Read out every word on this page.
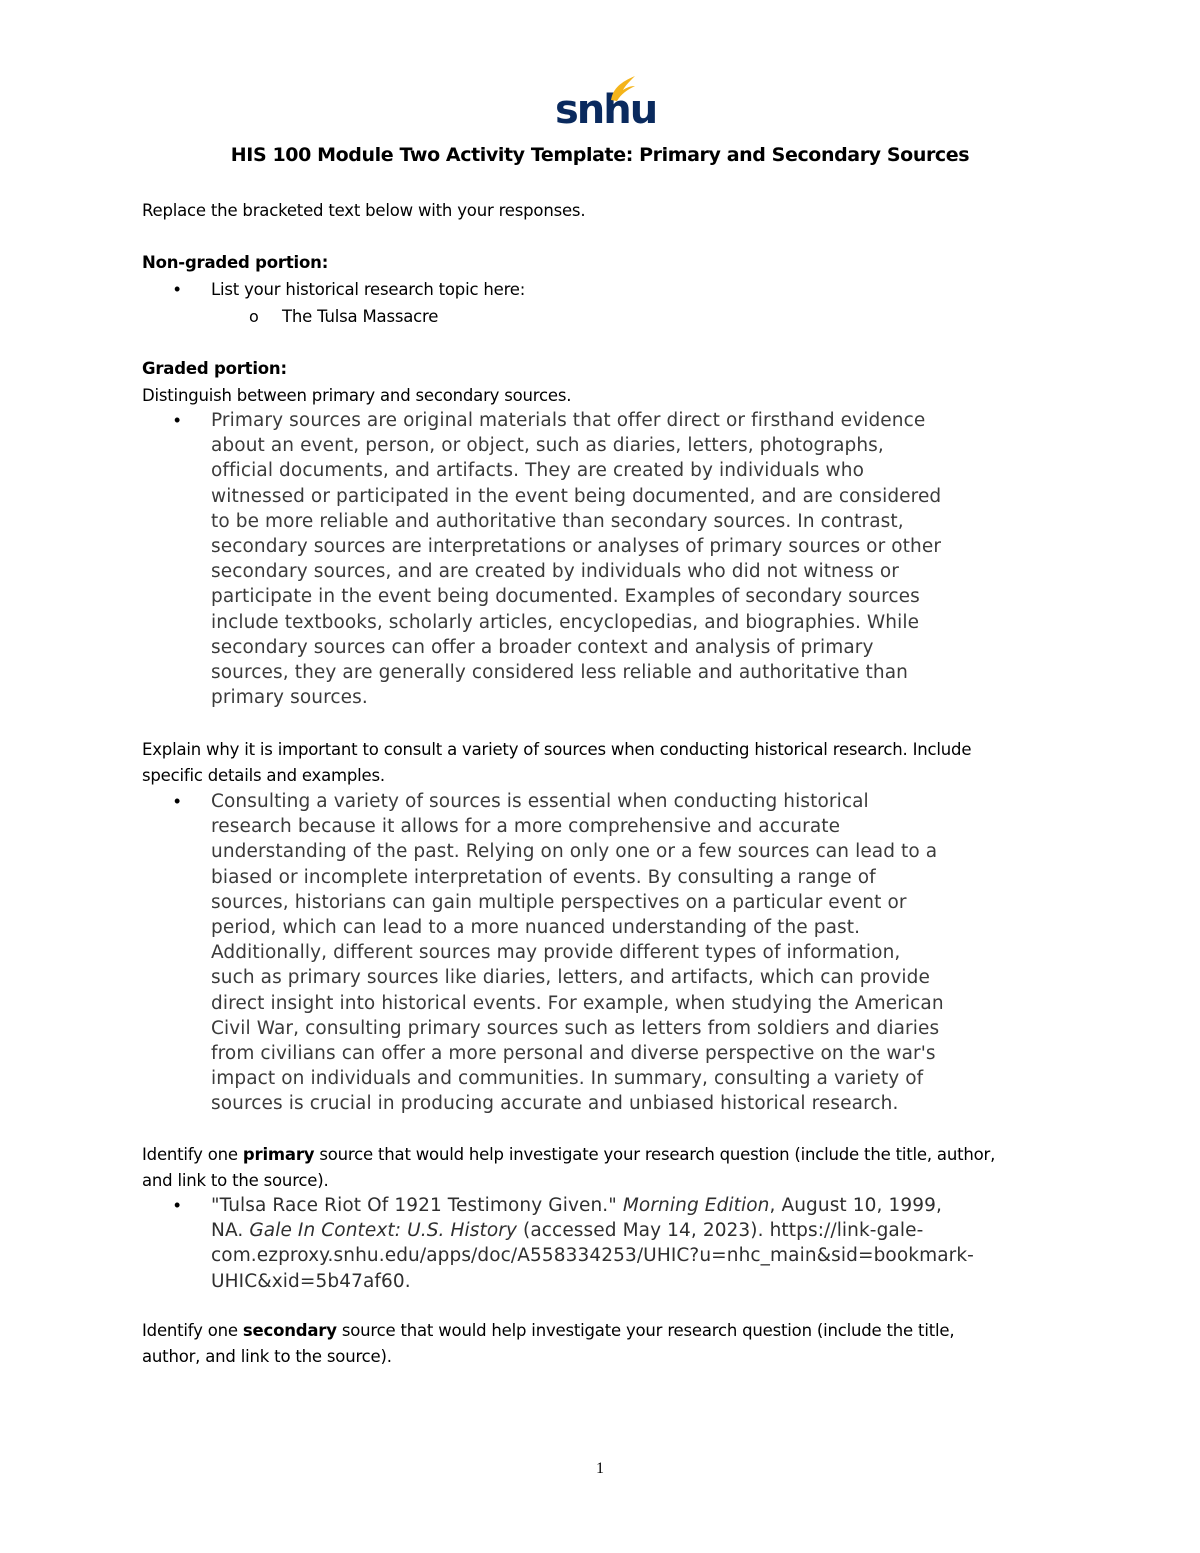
snhu
HIS 100 Module Two Activity Template: Primary and Secondary Sources
Replace the bracketed text below with your responses.
Non-graded portion:
• List your historical research topic here:
o The Tulsa Massacre
Graded portion:
Distinguish between primary and secondary sources.
• Primary sources are original materials that offer direct or firsthand evidence
about an event, person, or object, such as diaries, letters, photographs,
official documents, and artifacts. They are created by individuals who
witnessed or participated in the event being documented, and are considered
to be more reliable and authoritative than secondary sources. In contrast,
secondary sources are interpretations or analyses of primary sources or other
secondary sources, and are created by individuals who did not witness or
participate in the event being documented. Examples of secondary sources
include textbooks, scholarly articles, encyclopedias, and biographies. While
secondary sources can offer a broader context and analysis of primary
sources, they are generally considered less reliable and authoritative than
primary sources.
Explain why it is important to consult a variety of sources when conducting historical research. Include
specific details and examples.
• Consulting a variety of sources is essential when conducting historical
research because it allows for a more comprehensive and accurate
understanding of the past. Relying on only one or a few sources can lead to a
biased or incomplete interpretation of events. By consulting a range of
sources, historians can gain multiple perspectives on a particular event or
period, which can lead to a more nuanced understanding of the past.
Additionally, different sources may provide different types of information,
such as primary sources like diaries, letters, and artifacts, which can provide
direct insight into historical events. For example, when studying the American
Civil War, consulting primary sources such as letters from soldiers and diaries
from civilians can offer a more personal and diverse perspective on the war's
impact on individuals and communities. In summary, consulting a variety of
sources is crucial in producing accurate and unbiased historical research.
Identify one primary source that would help investigate your research question (include the title, author,
and link to the source).
• "Tulsa Race Riot Of 1921 Testimony Given." Morning Edition, August 10, 1999,
NA. Gale In Context: U.S. History (accessed May 14, 2023). https://link-gale-
com.ezproxy.snhu.edu/apps/doc/A558334253/UHIC?u=nhc_main&sid=bookmark-
UHIC&xid=5b47af60.
Identify one secondary source that would help investigate your research question (include the title,
author, and link to the source).
1
